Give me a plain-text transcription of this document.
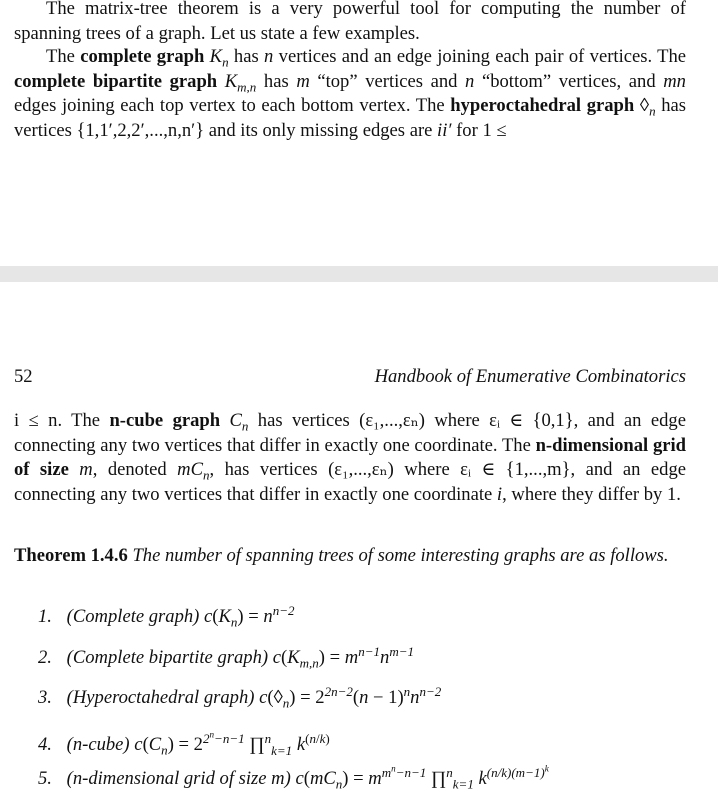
The matrix-tree theorem is a very powerful tool for computing the number of spanning trees of a graph. Let us state a few examples.

The complete graph $K_n$ has n vertices and an edge joining each pair of vertices. The complete bipartite graph $K_{m,n}$ has m “top” vertices and n “bottom” vertices, and mn edges joining each top vertex to each bottom vertex. The hyperoctahedral graph $◊_n$ has vertices {1,1′,2,2′,...,n,n′} and its only missing edges are ii′ for 1 ≤

52	Handbook of Enumerative Combinatorics

i ≤ n. The n-cube graph $C_n$ has vertices (ε₁,...,εₙ) where εᵢ ∈ {0,1}, and an edge connecting any two vertices that differ in exactly one coordinate. The n-dimensional grid of size m, denoted $mC_n$, has vertices (ε₁,...,εₙ) where εᵢ ∈ {1,...,m}, and an edge connecting any two vertices that differ in exactly one coordinate i, where they differ by 1.

Theorem 1.4.6 The number of spanning trees of some interesting graphs are as follows.

1. (Complete graph) $c(K_n) = n^{n-2}$
2. (Complete bipartite graph) $c(K_{m,n}) = m^{n-1}n^{m-1}$
3. (Hyperoctahedral graph) $c(◊_n) = 2^{2n-2}(n - 1)^nn^{n-2}$
4. (n-cube) $c(C_n) = 2^{2^n-n-1}$ ∏$^n_{k=1}$ k(n/k)
5. (n-dimensional grid of size m) $c(mC_n) = m^{m^n-n-1}$ ∏$^n_{k=1}$ $k^{(n/k)(m-1)^k}$
